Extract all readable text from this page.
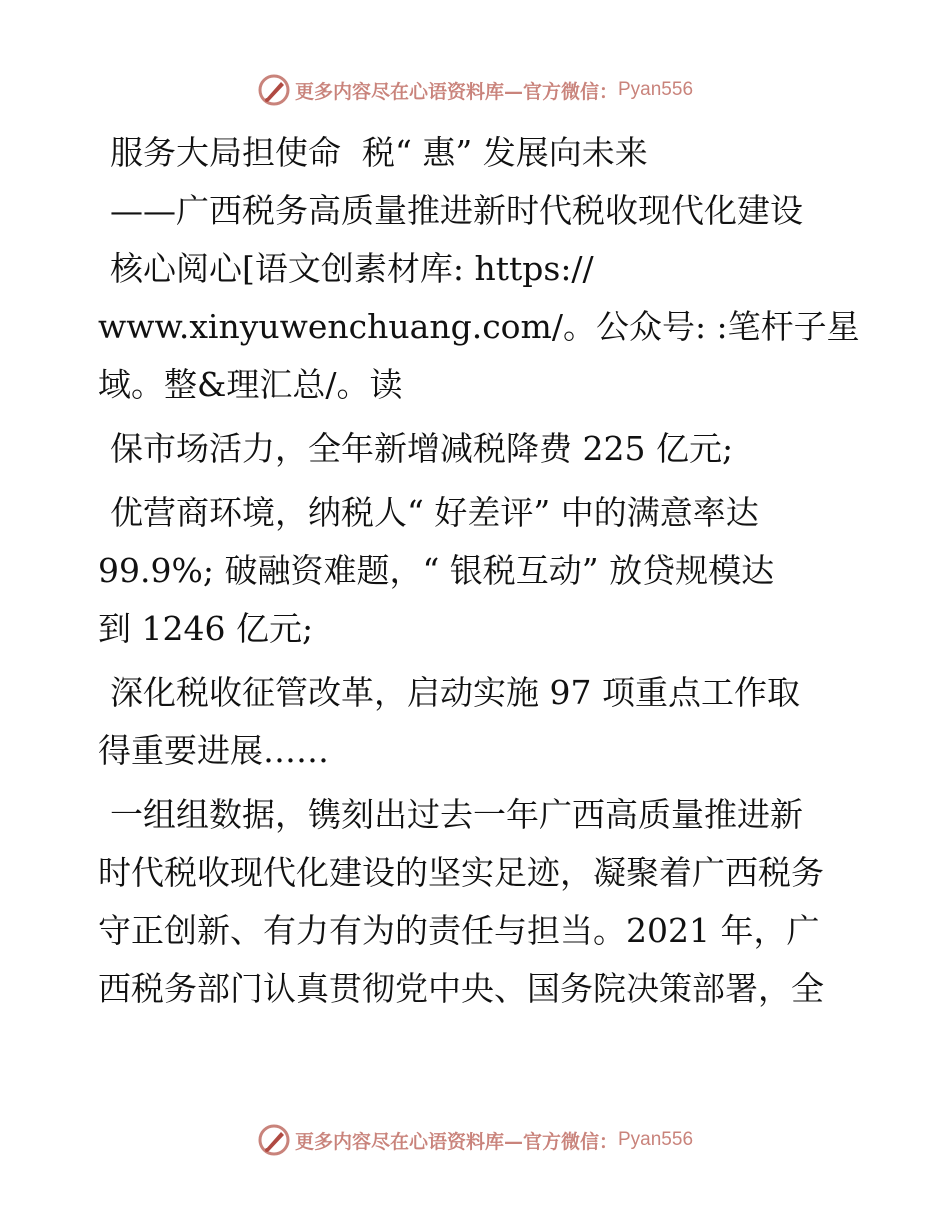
更多内容尽在心语资料库—官方微信： Pyan556
服务大局担使命  税“ 惠” 发展向未来
——广西税务高质量推进新时代税收现代化建设
核心阅心[语文创素材库: https://
www.xinyuwenchuang.com/。公众号: :笔杆子星
域。整&理汇总/。读
保市场活力，全年新增减税降费 225 亿元;
优营商环境，纳税人“ 好差评” 中的满意率达
99.9%; 破融资难题，“ 银税互动” 放贷规模达
到 1246 亿元;
深化税收征管改革，启动实施 97 项重点工作取
得重要进展……
一组组数据，镌刻出过去一年广西高质量推进新
时代税收现代化建设的坚实足迹，凝聚着广西税务
守正创新、有力有为的责任与担当。2021 年，广
西税务部门认真贯彻党中央、国务院决策部署，全
更多内容尽在心语资料库—官方微信： Pyan556
